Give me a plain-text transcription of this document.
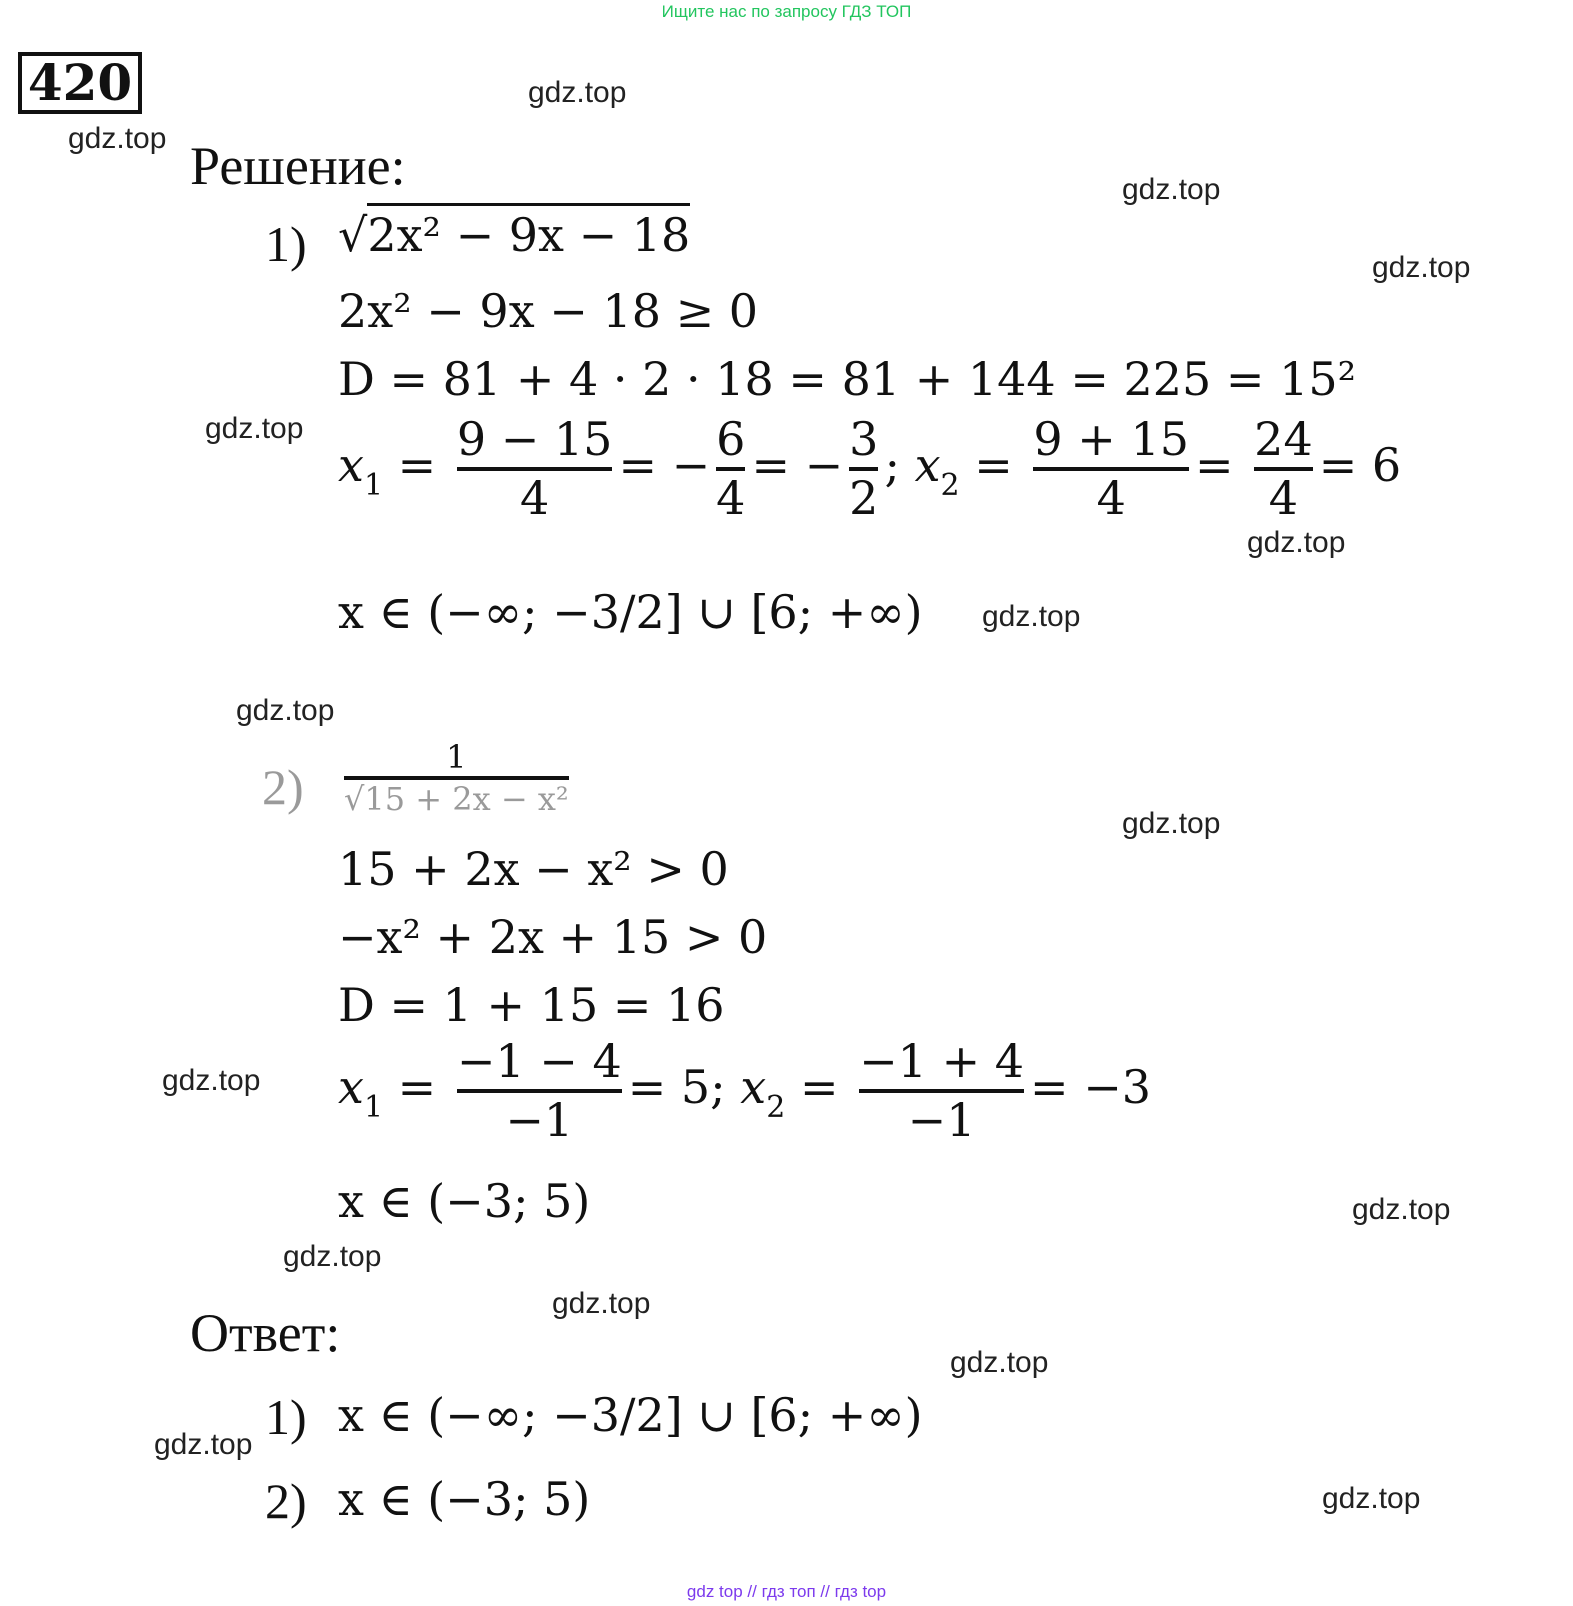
Ищите нас по запросу ГДЗ ТОП
420	gdz.top
gdz.top
gdz.top
gdz.top
gdz.top
gdz.top
gdz.top
gdz.top
gdz.top
gdz.top
gdz.top
gdz.top
gdz.top
gdz.top
gdz.top
gdz.top
Решение:
1) √2x² − 9x − 18
2x² − 9x − 18 ≥ 0
D = 81 + 4 · 2 · 18 = 81 + 144 = 225 = 15²
$x_1 = \frac{9 - 15}{4}$ = − $\frac{6}{4}$ = − $\frac{3}{2}$ ; $x_2 = \frac{9 + 15}{4} = \frac{24}{4} = 6$
x ∈ (−∞; −3/2] ∪ [6; +∞)
$2) \frac{1}{\text{√15 + 2x − x²}}$
15 + 2x − x² > 0
−x² + 2x + 15 > 0
D = 1 + 15 = 16
$x_1 = \frac{-1 - 4}{-1} = 5$; $x_2 = \frac{-1 + 4}{-1} = -3$
x ∈ (−3; 5)
Ответ:
1) x ∈ (−∞; −3/2] ∪ [6; +∞)
2) x ∈ (−3; 5)
gdz top // гдз топ // гдз top
